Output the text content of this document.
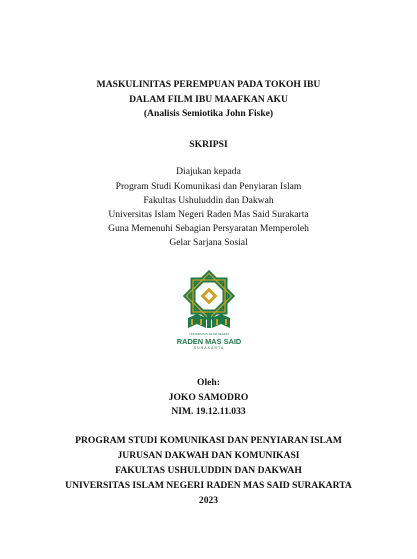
MASKULINITAS PEREMPUAN PADA TOKOH IBU
DALAM FILM IBU MAAFKAN AKU
(Analisis Semiotika John Fiske)
SKRIPSI
Diajukan kepada
Program Studi Komunikasi dan Penyiaran Islam
Fakultas Ushuluddin dan Dakwah
Universitas Islam Negeri Raden Mas Said Surakarta
Guna Memenuhi Sebagian Persyaratan Memperoleh
Gelar Sarjana Sosial
UNIVERSITAS ISLAM NEGERI
RADEN MAS SAID
SURAKARTA
Oleh:
JOKO SAMODRO
NIM. 19.12.11.033
PROGRAM STUDI KOMUNIKASI DAN PENYIARAN ISLAM
JURUSAN DAKWAH DAN KOMUNIKASI
FAKULTAS USHULUDDIN DAN DAKWAH
UNIVERSITAS ISLAM NEGERI RADEN MAS SAID SURAKARTA
2023
